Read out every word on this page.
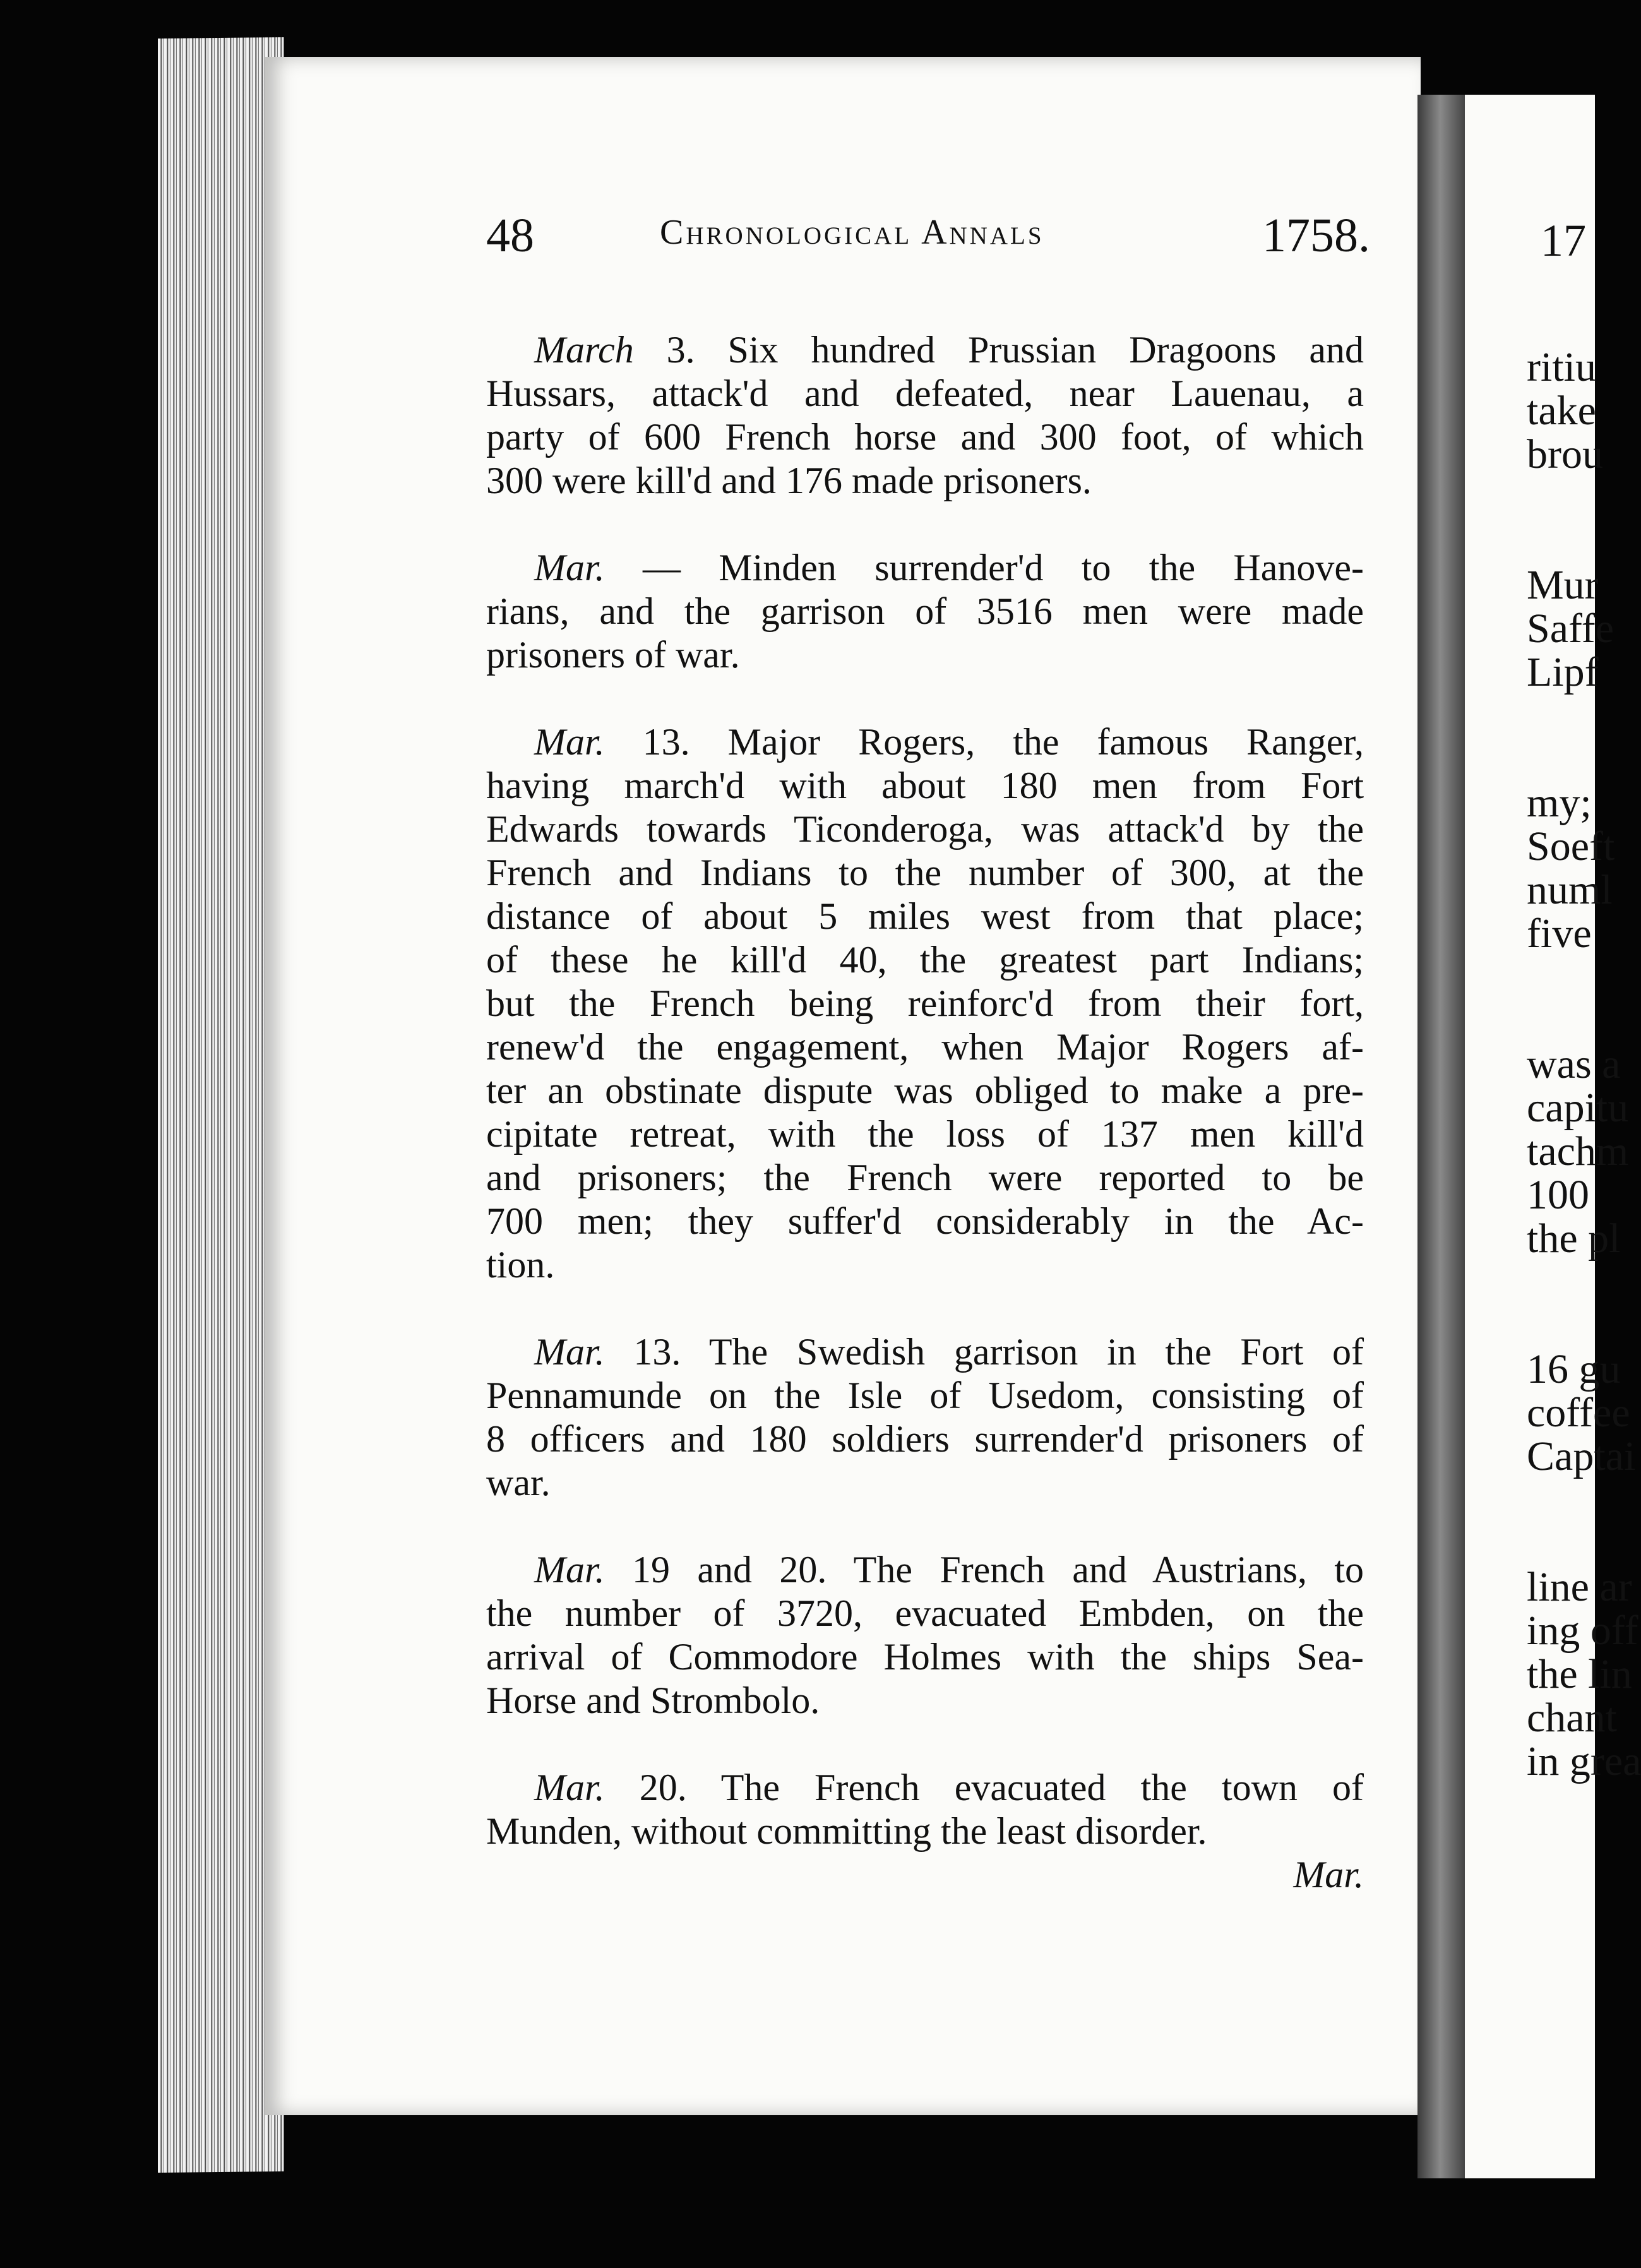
48	Chronological Annals	1758.
March 3. Six hundred Prussian Dragoons and
Hussars, attack'd and defeated, near Lauenau, a
party of 600 French horse and 300 foot, of which
300 were kill'd and 176 made prisoners.
Mar. — Minden surrender'd to the Hanove-
rians, and the garrison of 3516 men were made
prisoners of war.
Mar. 13. Major Rogers, the famous Ranger,
having march'd with about 180 men from Fort
Edwards towards Ticonderoga, was attack'd by the
French and Indians to the number of 300, at the
distance of about 5 miles west from that place;
of these he kill'd 40, the greatest part Indians;
but the French being reinforc'd from their fort,
renew'd the engagement, when Major Rogers af-
ter an obstinate dispute was obliged to make a pre-
cipitate retreat, with the loss of 137 men kill'd
and prisoners; the French were reported to be
700 men; they suffer'd considerably in the Ac-
tion.
Mar. 13. The Swedish garrison in the Fort of
Pennamunde on the Isle of Usedom, consisting of
8 officers and 180 soldiers surrender'd prisoners of
war.
Mar. 19 and 20. The French and Austrians, to
the number of 3720, evacuated Embden, on the
arrival of Commodore Holmes with the ships Sea-
Horse and Strombolo.
Mar. 20. The French evacuated the town of
Munden, without committing the least disorder.
Mar.
17
ritiu
take
brou
Mur
Saffe
Lipf
my;
Soeft
numl
five
was a
capitu
tachm
100
the pl
16 gu
coffee
Captai
line ar
ing off
the lin
chant
in grea
